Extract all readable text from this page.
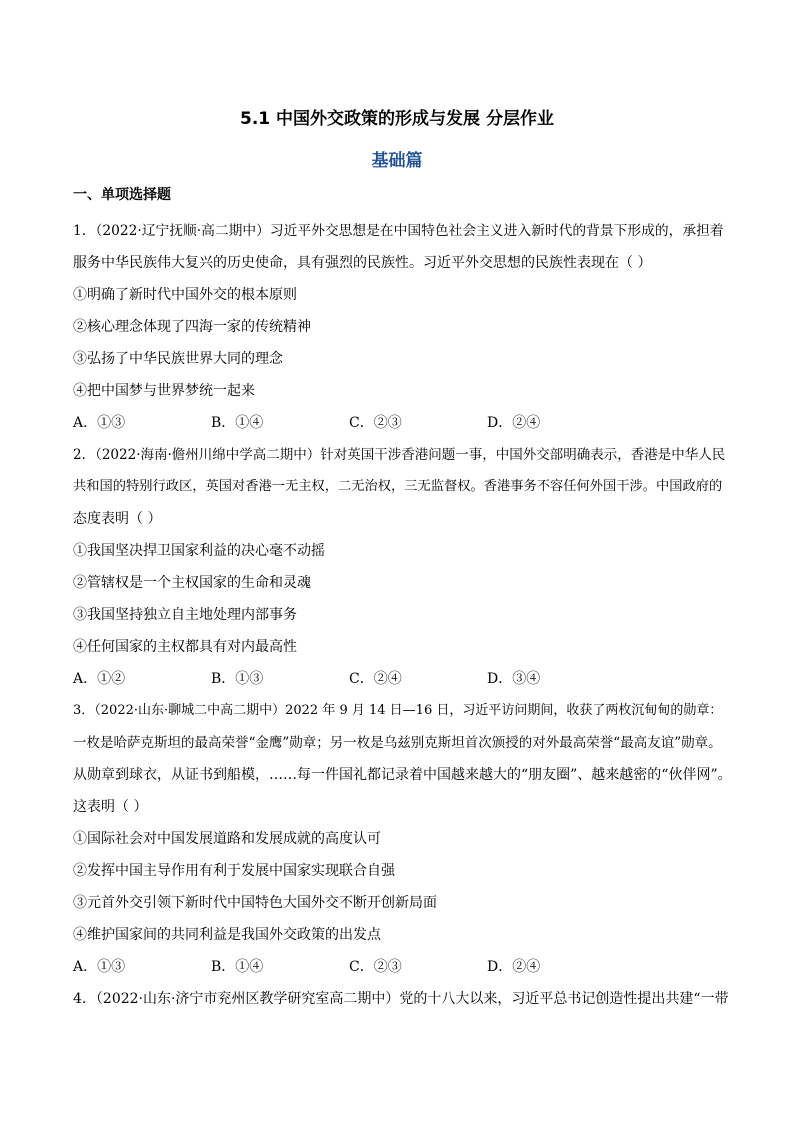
5.1 中国外交政策的形成与发展 分层作业
基础篇
一、单项选择题
1．（2022·辽宁抚顺·高二期中）习近平外交思想是在中国特色社会主义进入新时代的背景下形成的，承担着
服务中华民族伟大复兴的历史使命，具有强烈的民族性。习近平外交思想的民族性表现在（ ）
①明确了新时代中国外交的根本原则
②核心理念体现了四海一家的传统精神
③弘扬了中华民族世界大同的理念
④把中国梦与世界梦统一起来
A．①③	B．①④	C．②③	D．②④
2．（2022·海南·儋州川绵中学高二期中）针对英国干涉香港问题一事，中国外交部明确表示，香港是中华人民
共和国的特别行政区，英国对香港一无主权，二无治权，三无监督权。香港事务不容任何外国干涉。中国政府的
态度表明（ ）
①我国坚决捍卫国家利益的决心毫不动摇
②管辖权是一个主权国家的生命和灵魂
③我国坚持独立自主地处理内部事务
④任何国家的主权都具有对内最高性
A．①②	B．①③	C．②④	D．③④
3．（2022·山东·聊城二中高二期中）2022 年 9 月 14 日—16 日，习近平访问期间，收获了两枚沉甸甸的勋章：
一枚是哈萨克斯坦的最高荣誉“金鹰”勋章；另一枚是乌兹别克斯坦首次颁授的对外最高荣誉“最高友谊”勋章。
从勋章到球衣，从证书到船模，……每一件国礼都记录着中国越来越大的“朋友圈”、越来越密的“伙伴网”。
这表明（ ）
①国际社会对中国发展道路和发展成就的高度认可
②发挥中国主导作用有利于发展中国家实现联合自强
③元首外交引领下新时代中国特色大国外交不断开创新局面
④维护国家间的共同利益是我国外交政策的出发点
A．①③	B．①④	C．②③	D．②④
4．（2022·山东·济宁市兖州区教学研究室高二期中）党的十八大以来，习近平总书记创造性提出共建“一带
